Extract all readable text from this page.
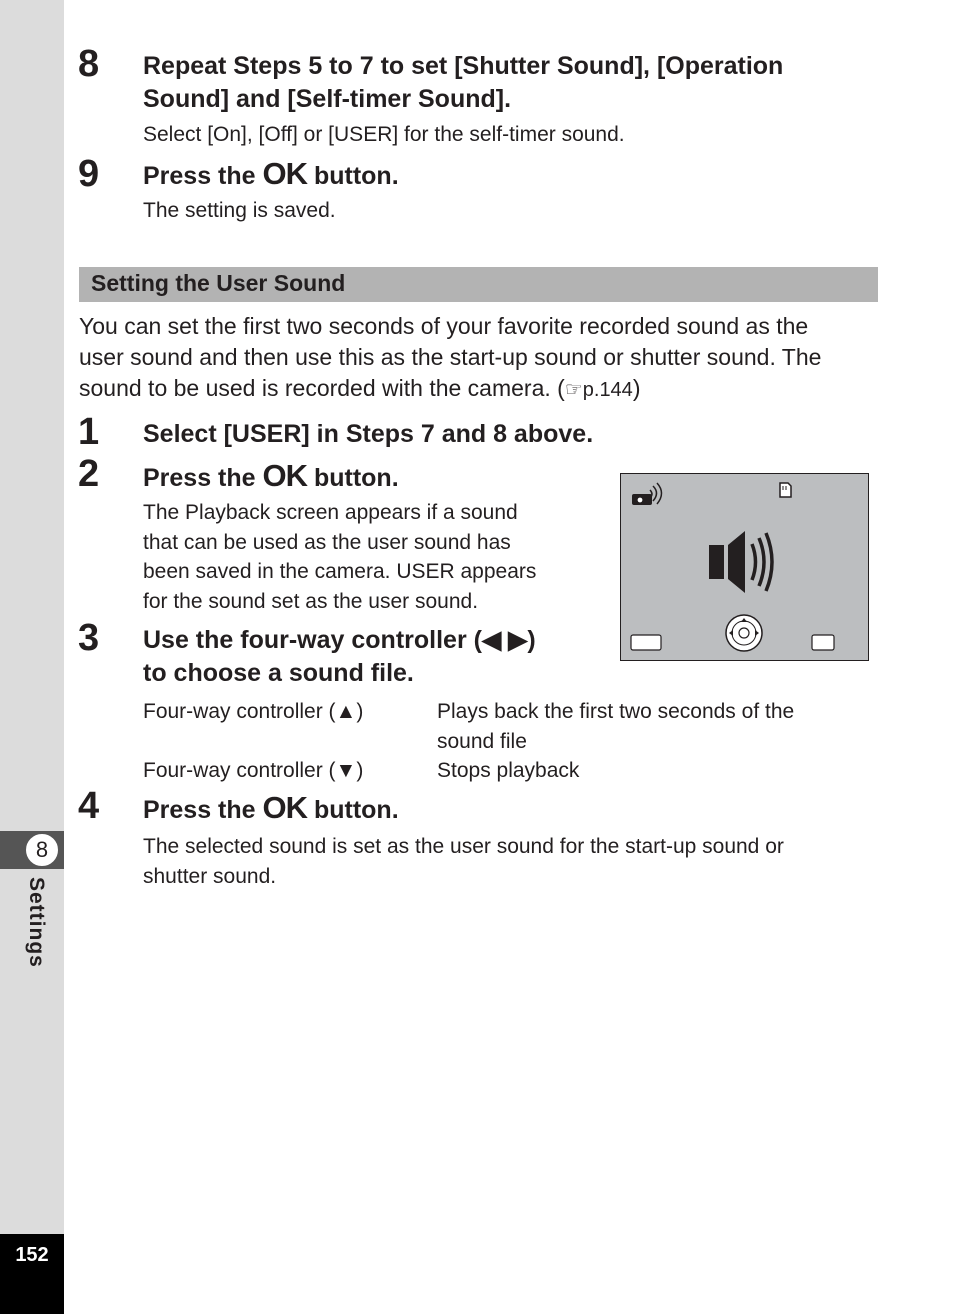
8
Settings
152
8 Repeat Steps 5 to 7 to set [Shutter Sound], [Operation
Sound] and [Self-timer Sound].
Select [On], [Off] or [USER] for the self-timer sound.
9 Press the OK button.
The setting is saved.
Setting the User Sound
You can set the first two seconds of your favorite recorded sound as the
user sound and then use this as the start-up sound or shutter sound. The
sound to be used is recorded with the camera. (☞p.144)
1 Select [USER] in Steps 7 and 8 above.
2 Press the OK button.
The Playback screen appears if a sound
that can be used as the user sound has
been saved in the camera. USER appears
for the sound set as the user sound.
3 Use the four-way controller (◀ ▶)
to choose a sound file.
Four-way controller (▲)	Plays back the first two seconds of the
sound file
Four-way controller (▼)	Stops playback
4 Press the OK button.
The selected sound is set as the user sound for the start-up sound or
shutter sound.
